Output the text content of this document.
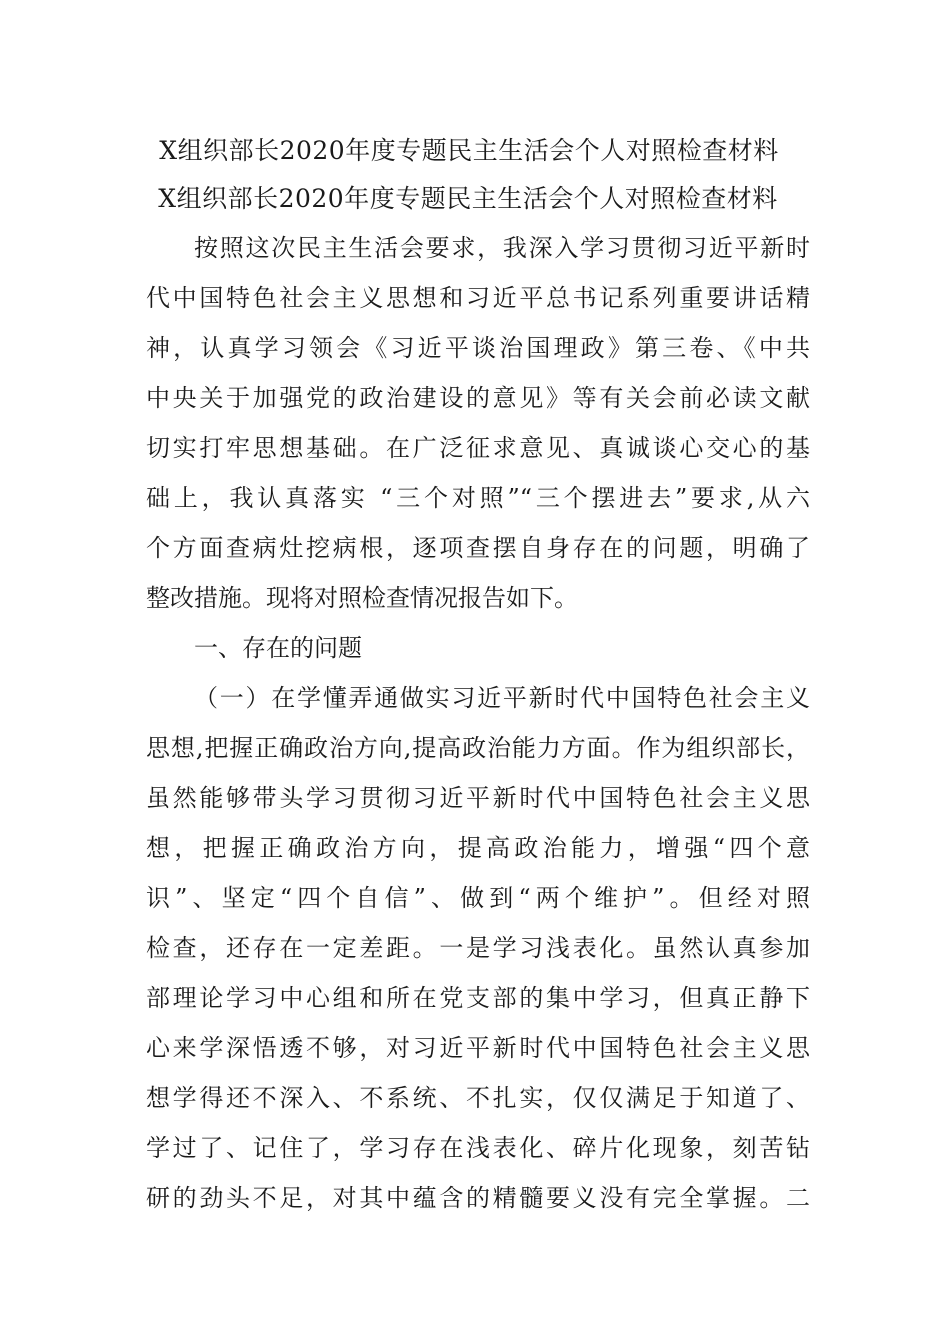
X组织部长2020年度专题民主生活会个人对照检查材料
X组织部长2020年度专题民主生活会个人对照检查材料
按照这次民主生活会要求，我深入学习贯彻习近平新时
代中国特色社会主义思想和习近平总书记系列重要讲话精
神，认真学习领会《习近平谈治国理政》第三卷、《中共
中央关于加强党的政治建设的意见》等有关会前必读文献
切实打牢思想基础。在广泛征求意见、真诚谈心交心的基
础上，我认真落实 “三个对照”“三个摆进去”要求,从六
个方面查病灶挖病根，逐项查摆自身存在的问题，明确了
整改措施。现将对照检查情况报告如下。
一、存在的问题
（一）在学懂弄通做实习近平新时代中国特色社会主义
思想,把握正确政治方向,提高政治能力方面。作为组织部长，
虽然能够带头学习贯彻习近平新时代中国特色社会主义思
想，把握正确政治方向，提高政治能力，增强“四个意
识”、坚定“四个自信”、做到“两个维护”。但经对照
检查，还存在一定差距。一是学习浅表化。虽然认真参加
部理论学习中心组和所在党支部的集中学习，但真正静下
心来学深悟透不够，对习近平新时代中国特色社会主义思
想学得还不深入、不系统、不扎实，仅仅满足于知道了、
学过了、记住了，学习存在浅表化、碎片化现象，刻苦钻
研的劲头不足，对其中蕴含的精髓要义没有完全掌握。二
